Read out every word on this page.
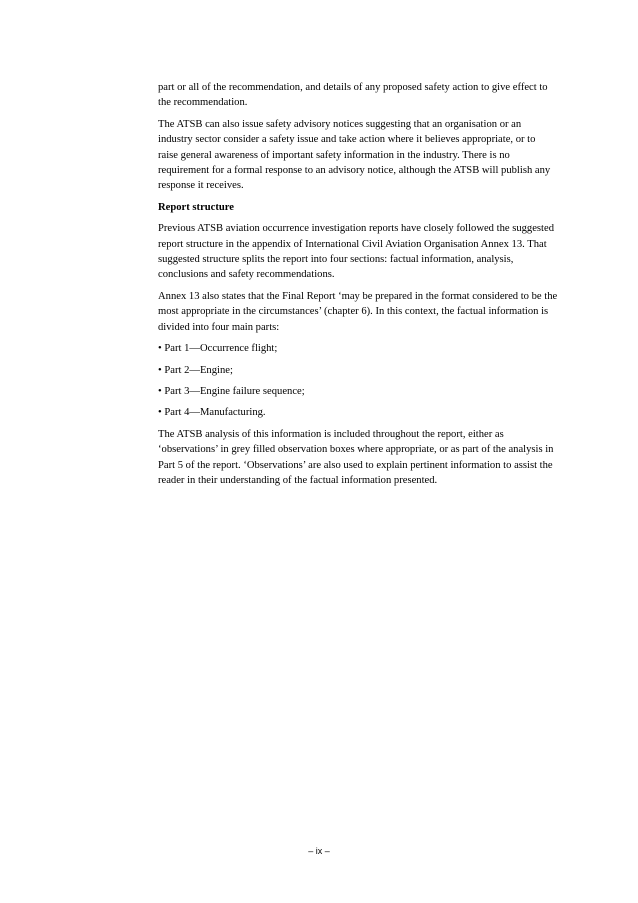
part or all of the recommendation, and details of any proposed safety action to give effect to the recommendation.

The ATSB can also issue safety advisory notices suggesting that an organisation or an industry sector consider a safety issue and take action where it believes appropriate, or to raise general awareness of important safety information in the industry. There is no requirement for a formal response to an advisory notice, although the ATSB will publish any response it receives.

Report structure

Previous ATSB aviation occurrence investigation reports have closely followed the suggested report structure in the appendix of International Civil Aviation Organisation Annex 13. That suggested structure splits the report into four sections: factual information, analysis, conclusions and safety recommendations.

Annex 13 also states that the Final Report ‘may be prepared in the format considered to be the most appropriate in the circumstances’ (chapter 6). In this context, the factual information is divided into four main parts:

• Part 1—Occurrence flight;
• Part 2—Engine;
• Part 3—Engine failure sequence;
• Part 4—Manufacturing.

The ATSB analysis of this information is included throughout the report, either as ‘observations’ in grey filled observation boxes where appropriate, or as part of the analysis in Part 5 of the report. ‘Observations’ are also used to explain pertinent information to assist the reader in their understanding of the factual information presented.

– ix –
